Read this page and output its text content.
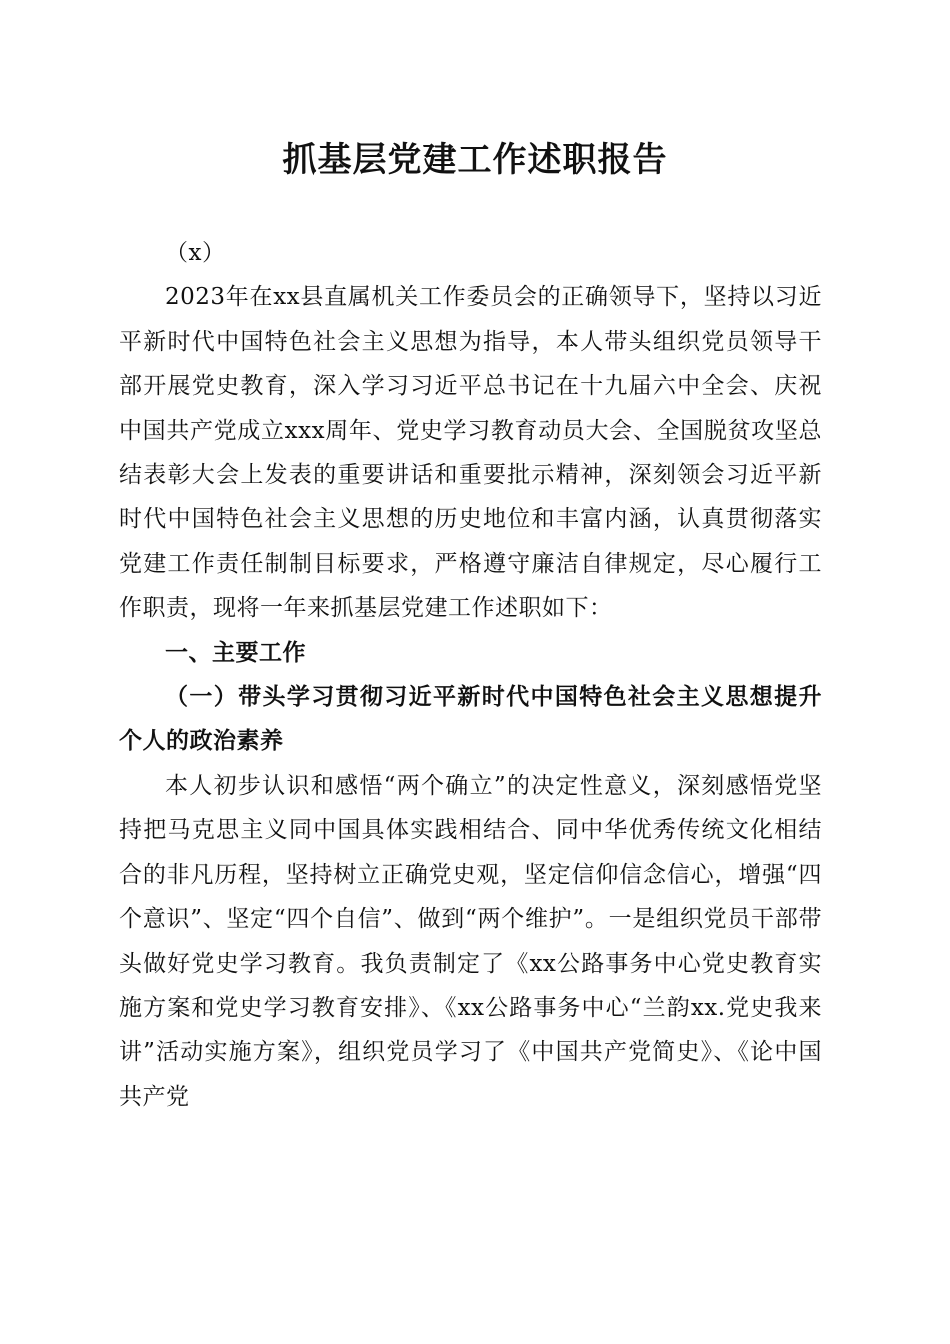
抓基层党建工作述职报告

（x）

2023年在xx县直属机关工作委员会的正确领导下，坚持以习近平新时代中国特色社会主义思想为指导，本人带头组织党员领导干部开展党史教育，深入学习习近平总书记在十九届六中全会、庆祝中国共产党成立xxx周年、党史学习教育动员大会、全国脱贫攻坚总结表彰大会上发表的重要讲话和重要批示精神，深刻领会习近平新时代中国特色社会主义思想的历史地位和丰富内涵，认真贯彻落实党建工作责任制制目标要求，严格遵守廉洁自律规定，尽心履行工作职责，现将一年来抓基层党建工作述职如下：

一、主要工作

（一）带头学习贯彻习近平新时代中国特色社会主义思想提升个人的政治素养

本人初步认识和感悟“两个确立”的决定性意义，深刻感悟党坚持把马克思主义同中国具体实践相结合、同中华优秀传统文化相结合的非凡历程，坚持树立正确党史观，坚定信仰信念信心，增强“四个意识”、坚定“四个自信”、做到“两个维护”。一是组织党员干部带头做好党史学习教育。我负责制定了《xx公路事务中心党史教育实施方案和党史学习教育安排》、《xx公路事务中心“兰韵xx.党史我来讲”活动实施方案》，组织党员学习了《中国共产党简史》、《论中国共产党
